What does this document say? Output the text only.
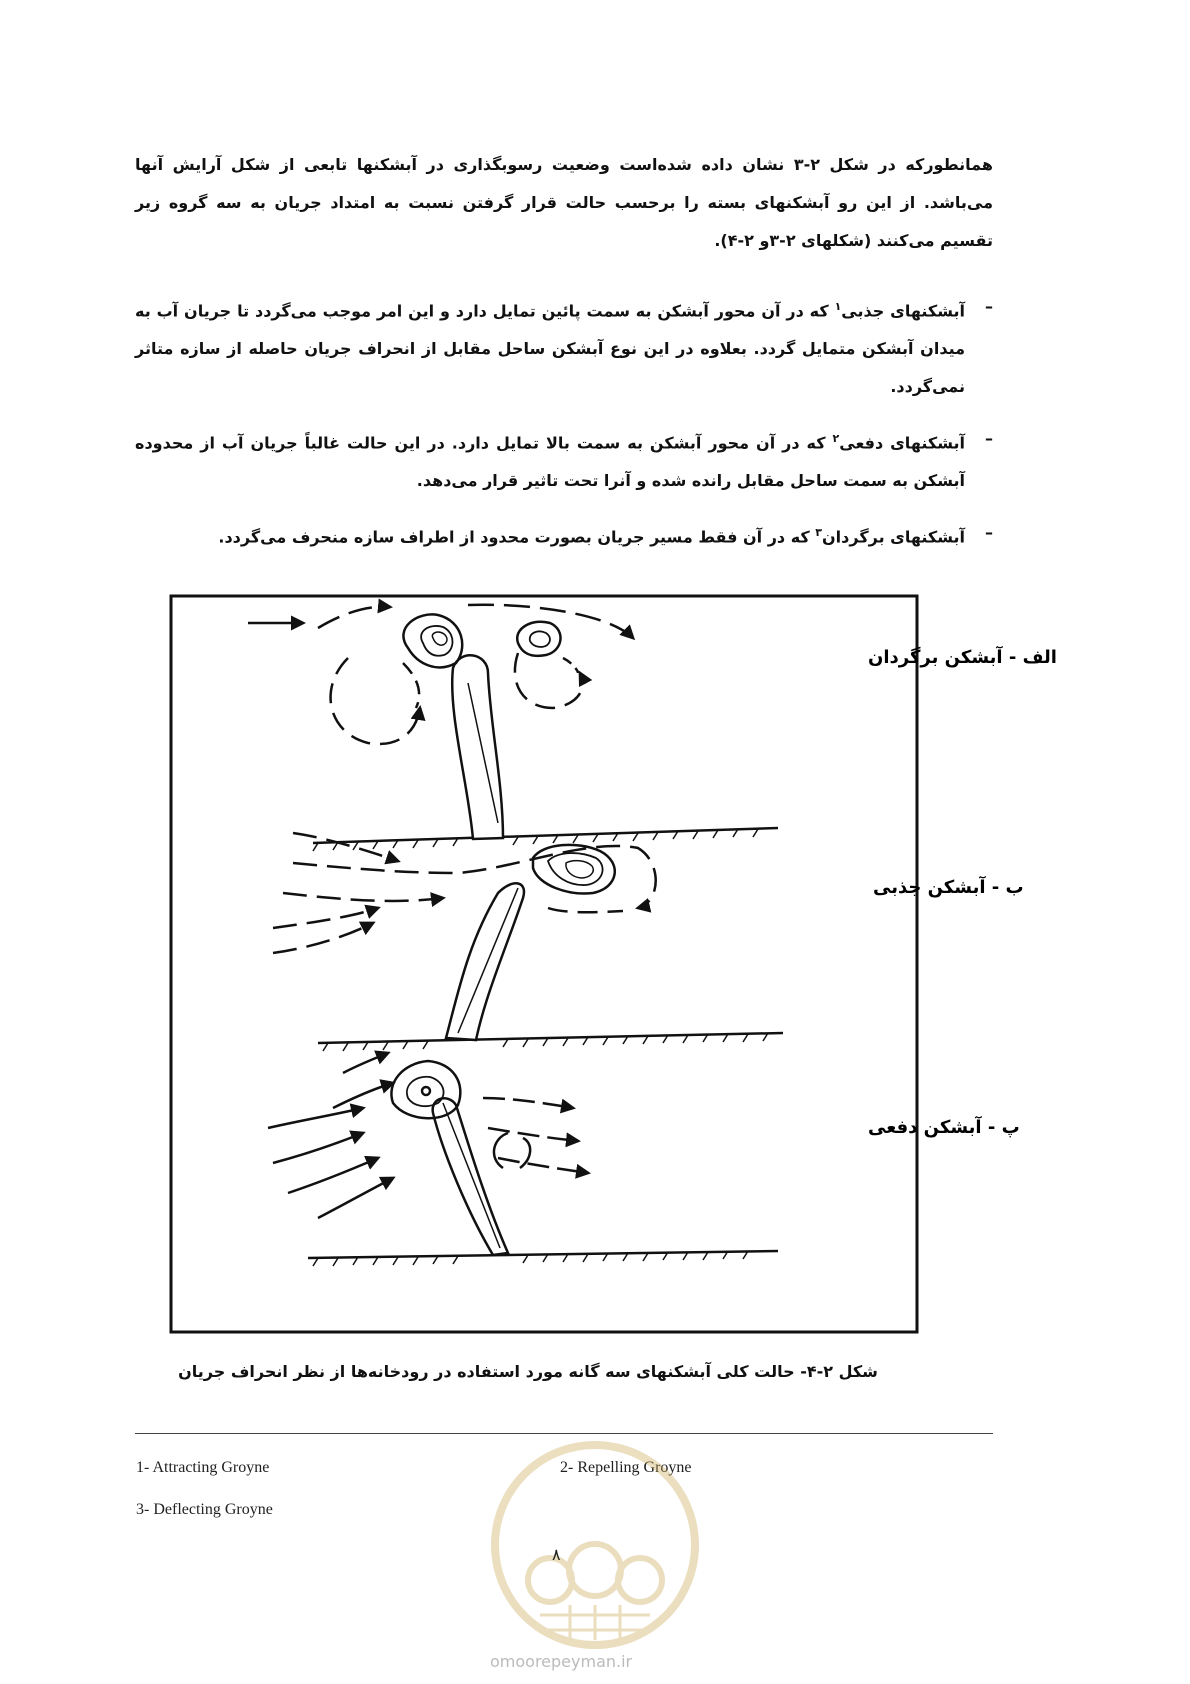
همانطورکه در شکل ۲-۳ نشان داده شده‌است وضعیت رسوبگذاری در آبشکنها تابعی از شکل آرایش آنها می‌باشد. از این رو آبشکنهای بسته را برحسب حالت قرار گرفتن نسبت به امتداد جریان به سه گروه زیر تقسیم می‌کنند (شکلهای ۲-۳و ۲-۴).
–
آبشکنهای جذبی$^۱$ که در آن محور آبشکن به سمت پائین تمایل دارد و این امر موجب می‌گردد تا جریان آب به میدان آبشکن متمایل گردد. بعلاوه در این نوع آبشکن ساحل مقابل از انحراف جریان حاصله از سازه متاثر نمی‌گردد.
–
آبشکنهای دفعی$^۲$ که در آن محور آبشکن به سمت بالا تمایل دارد. در این حالت غالباً جریان آب از محدوده آبشکن به سمت ساحل مقابل رانده شده و آنرا تحت تاثیر قرار می‌دهد.
–
آبشکنهای برگردان$^۳$ که در آن فقط مسیر جریان بصورت محدود از اطراف سازه منحرف می‌گردد.
الف - آبشکن برگردان
ب - آبشکن جذبی
پ - آبشکن دفعی
شکل ۲-۴- حالت کلی آبشکنهای سه گانه مورد استفاده در رودخانه‌ها از نظر انحراف جریان
1- Attracting Groyne	2- Repelling Groyne
3- Deflecting Groyne
۸
omoorepeyman.ir
